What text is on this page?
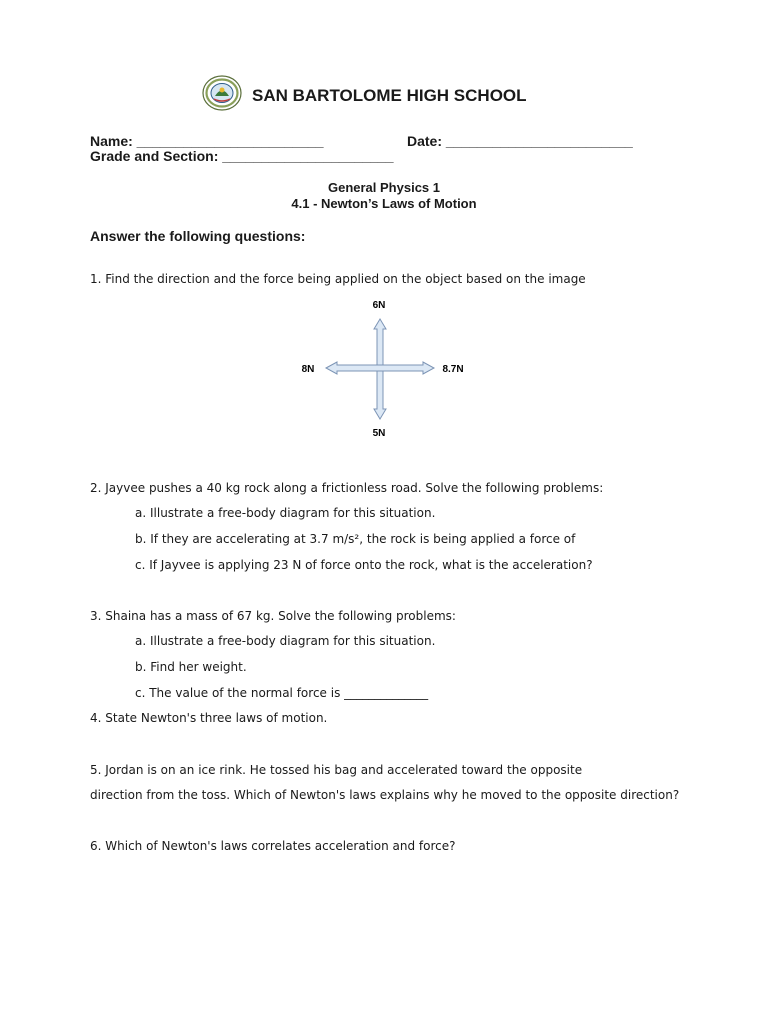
SAN BARTOLOME HIGH SCHOOL
Name: ________________________	Date: ________________________
Grade and Section: ______________________
General Physics 1
4.1 - Newton’s Laws of Motion
Answer the following questions:
1. Find the direction and the force being applied on the object based on the image
6N
8N	8.7N
5N
2. Jayvee pushes a 40 kg rock along a frictionless road. Solve the following problems:
a. Illustrate a free-body diagram for this situation.
b. If they are accelerating at 3.7 m/s², the rock is being applied a force of
c. If Jayvee is applying 23 N of force onto the rock, what is the acceleration?
3. Shaina has a mass of 67 kg. Solve the following problems:
a. Illustrate a free-body diagram for this situation.
b. Find her weight.
c. The value of the normal force is ______________
4. State Newton's three laws of motion.
5. Jordan is on an ice rink. He tossed his bag and accelerated toward the opposite
direction from the toss. Which of Newton's laws explains why he moved to the opposite direction?
6. Which of Newton's laws correlates acceleration and force?
